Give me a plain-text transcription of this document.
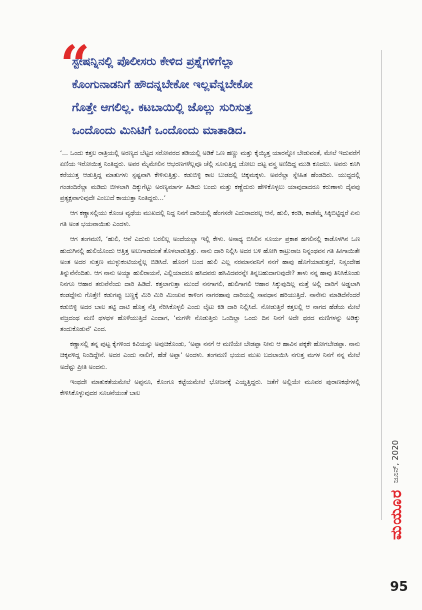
“
ಸ್ಟೇಷನ್ನಿನಲ್ಲಿ ಪೊಲೀಸರು ಕೇಳಿದ ಪ್ರಶ್ನೆಗಳಿಗೆಲ್ಲಾ
ಕೊಂಗುನಾಡನಿಗೆ ಹೌದನ್ನಬೇಕೋ ಇಲ್ಲವೆನ್ನಬೇಕೋ
ಗೊತ್ತೇ ಆಗಲಿಲ್ಲ. ಕಟಬಾಯಿಲ್ಲಿ ಜೊಲ್ಲು ಸುರಿಸುತ್ತ
ಒಂದೊಂದು ಮಿನಿಟಿಗೆ ಒಂದೊಂದು ಮಾತಾಡಿದ.

‘... ಒಂದು ಕತ್ತಲ ರಾತ್ರಿಯಲ್ಲಿ ಅರಣ್ಯದ ಬೆಟ್ಟದ ಸರೋವರದ ತಡಿಯಲ್ಲಿ ಅಡಿಕೆ ಒಣ ಹಣ್ಣು ಮತ್ತು ಕೈಯ್ಯಿತ್ತ ಯಾರನ್ನೋ ಬೇಡುವಂತೆ, ಮೇಲೆ ಇದುವರೆಗೆ ಏಣಿಯ ಇರೋಯಿತ್ತ ನಿಂತಿದ್ದರು. ಅವರ ಮೈಮೇಲಿನ ಆಭರಣಗಳೆಲ್ಲವೂ ಚೆಲ್ಲಿ ಸೂಸುತ್ತಿದ್ದ ಜೋಲು ದಟ್ಟ ವಸ್ತ್ರ ಅಣಿದಿದ್ದ ಮುಡಿ ಕೂದಲು. ಅವರು ಕೂಗಿ ಕರೆಯುತ್ತ ಆಡುತ್ತಿದ್ದ ಮಾತುಗಳು ಸ್ಪಷ್ಟವಾಗಿ ಕೇಳಿಸುತ್ತಿತ್ತು. ಕಡುಬಿಳ್ಳಿ ಕಾಲ ಬುಡದಲ್ಲಿ ಚಿಕ್ಕಮಕ್ಕಳು. ಅವರೆಲ್ಲಾ ಸ್ನೇಹಿತ ಹೆಂಡದಿರು. ಯುದ್ಧದಲ್ಲಿ ಗಂಡಂದಿರೆಲ್ಲಾ ಮಡಿದು ಬೀಳಲಾಗಿ ದಿಕ್ಕುಗೆಟ್ಟು ಅರಣ್ಯಮಾರ್ಗ ಹಿಡಿದು ಬಂದು ಮತ್ತು ಕಣ್ಣೆದುರು ಹೇಳಿಕೊಳ್ಳಲು ಯಾವುದಾದರೂ ಕರುಣಾಳು ದೈವವು ಪ್ರತ್ಯಕ್ಷವಾಗುವುದೇ ಎಂಬುದೆ ಕಾಯುತ್ತಾ ನಿಂತಿದ್ದರು...’

ಆಗ ಕಣ್ಣಾಸಲ್ಲಿಯು ಕೊಂಚ ವ್ಯಥೆಯ ಮುಖದಲ್ಲಿ ನಿದ್ದ ನಿನಗೆ ದಾರಿಯಲ್ಲಿ ಹೆಂಗಸರೇ ಎದುರಾದರಲ್ಲ ಆನೆ, ಹುಲಿ, ಕರಡಿ, ಕಾಡೆಮ್ಮೆ ಸಿಕ್ಕಿಬಿಟ್ಟಿದ್ದರೆ ಏನು ಗತಿ ಅಂತ ಭಯವಾಯಿತು ಎಂದಳು.

ಆಗ ತಂಗಮಣಿ, ‘ಹುಲಿ, ಆನೆ ಎದುರು ಬರಲಿಲ್ಲ ಅಂದೆಯಲ್ಲಾ ಇಲ್ಲಿ ಕೇಳು. ಅಸಾಧ್ಯ ಬಿಸಿಲಿನ ಸೂರ್ಯ ಪ್ರಕಾಶ ಹಗಲಿನಲ್ಲಿ ಕಾಡೊಳಗಿನ ಒಣ ಹುದುಗಿನಲ್ಲಿ ಹುಲಿಯೊಂದು ಆತ್ತಿತ್ತ ಅಲುಗಾಡದಂತೆ ತೊಳಲಾಡುತ್ತಿತ್ತು. ನಾನು ದಾರಿ ನಿಲ್ಲಿಸಿ ಅದರ ಬಳಿ ಹೋಗಿ ಕಾಟ್ರುರಾಜ ನಿನ್ನಂಥವನ ಗತಿ ಹೀಗಾಯಿತೇ ಅಂತ ಅದರ ಸುತ್ತಣ ಮುಳ್ಳುಕಂಟಿಯನ್ನೆಲ್ಲ ಬಿಡಿಸಿದೆ. ಹೊರಗೆ ಬಂದ ಹುಲಿ ಎಲ್ಲ ನರಮಾನವನಿಗೆ ನನಗೆ ಹಾವು ಹೊಗೆಯಾಡುತ್ತದೆ, ನಿಸ್ಸಂದೇಹ ತಿನ್ನುವೆನೆಂದಿತು. ಆಗ ನಾನು ಅಯ್ಯಾ ಹುಲಿರಾಯನೆ, ಎಲ್ಲಿಯಾದರೂ ಹಸಿದವರು ಹಸಿವಿದವರನ್ನೇ ತಿನ್ನಬಹುದಾಗುವುದೇ? ತಾಳು ನನ್ನ ಹಾವು ತಿನಿಸಿಕೊಂಡು ನಿನಗೂ ಆಹಾರ ತರುವೆನೆಂದು ದಾರಿ ಹಿಡಿದೆ. ಕತ್ತಲಾಗುತ್ತಾ ಮುಂದೆ ನನಗಾಗಲಿ, ಹುಲಿಗಾಗಲಿ ಆಹಾರ ಸಿಕ್ಕುವುದಿಲ್ಲ ಮತ್ತೆ ಅಲ್ಲಿ ದಾರಿಗೆ ಅಡ್ಡಲಾಗಿ ಕಂಡದ್ದೇನು ಗೊತ್ತೇ! ಕಡುಗಪ್ಪು ಬಣ್ಣಕ್ಕೆ ಮಿರಿ ಮಿರಿ ಮಿಂಚುವ ಕಾಳಿಂಗ ನಾಗರಹಾವು ದಾರಿಯಲ್ಲಿ ಸಾವಧಾನ ಹರಿಯುತ್ತಿದೆ. ನಾನೇನು ಮಾಡಿದೆನೆಂದರೆ ಕಡುಬಿಳ್ಳಿ ಅದರ ಬಾಲ ತಟ್ಟಿ ದಾಟಿ ಹೊತ್ತ ನೆತ್ತಿ ನೆರಿಸಿಕೊಳ್ಳಲಿ ಎಂದು ಲೈಟು ಕಿಡಿ ದಾರಿ ನಿಲ್ಲಿಸಿದೆ. ನೋಡುತ್ತಿರೆ ಕತ್ತಲಲ್ಲಿ ಆ ನಾಗದ ಹೆಡೆಯ ಮೇಲೆ ವಜ್ರದಂಥ ಮಣಿ ಥಳಥಳ ಹೊಳೆಯುತ್ತಿದೆ ಎಂದಾಗ, ‘ಮಗಳೇ ನೊಡುತ್ತಿರು ಒಂದಿಲ್ಲಾ ಒಂದು ದಿನ ನಿನಗೆ ಅದೇ ಥರದ ಮಣಿಗಳನ್ನು ಅಡಿಕ್ಕು ತಂದುಕೊಡುವೆ’ ಎಂದ.

ಕಣ್ಣಾಸಲ್ಲಿ ತನ್ನ ಪುಟ್ಟ ಕೈಗಳಿಂದ ಕಿವಿಯನ್ನು ಅವುಚಿಕೊಂಡು, ‘ಅಪ್ಪಾ ನನಗೆ ಆ ಮಣಿಯೇ ಬೇಡಪ್ಪಾ ನೀನು ಆ ಹಾವಿನ ಪಕ್ಕಕೇ ಹೋಗಬೇಡಪ್ಪಾ. ನಾನು ಚಿಕ್ಕವಳಿದ್ದ ನಿಂದಿದ್ದೇನೆ. ಅದರ ಎಂದು ನಾಲಿಗೆ, ಹೆಡೆ ಅಪ್ಪಾ’ ಅಂದಳು. ತಂಗಮಣಿ ಭಯದ ಮುಖ ಬದಲಾಯಿಸಿ ನಗುತ್ತ ಮಗಳ ನಿನಗೆ ನನ್ನ ಮೇಲೆ ಅದೆಷ್ಟು ಪ್ರೀತಿ ಅಂದನು.

ಇಂಥದೇ ಮಾತುಕತೆಯಮೇಲೆ ಅಪ್ಪನೂ, ಕೊಂಗೂ ಕಟ್ಟೆಯಮೇಲೆ ಭೋಜನಕ್ಕೆ ಎಯ್ದತ್ತಿದ್ದರು. ಜತೆಗೆ ಅಲ್ಲಿಯೇ ಮೂವರ ಪುರಾಣಕಥೆಗಳಲ್ಲಿ ಕೇಳಿಸಿಕೊಳ್ಳುವುದರ ಸೂಚನೆಯಂತೆ ಬಾಲ

ಜೂನ್, 2020
ಮಯೂರ
95
